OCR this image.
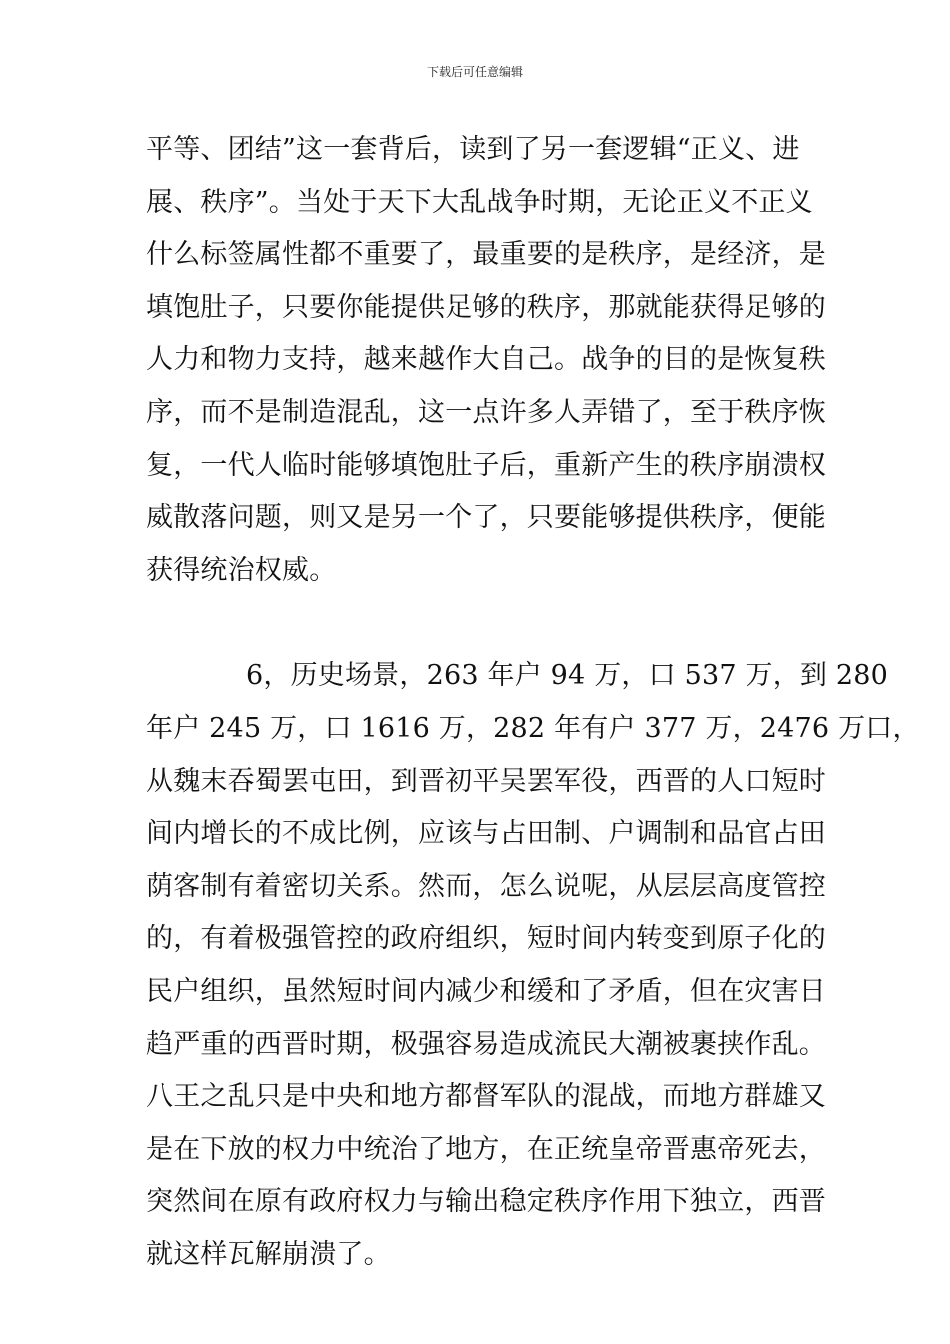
下载后可任意编辑
平等、团结”这一套背后，读到了另一套逻辑“正义、进
展、秩序”。当处于天下大乱战争时期，无论正义不正义
什么标签属性都不重要了，最重要的是秩序，是经济，是
填饱肚子，只要你能提供足够的秩序，那就能获得足够的
人力和物力支持，越来越作大自己。战争的目的是恢复秩
序，而不是制造混乱，这一点许多人弄错了，至于秩序恢
复，一代人临时能够填饱肚子后，重新产生的秩序崩溃权
威散落问题，则又是另一个了，只要能够提供秩序，便能
获得统治权威。
6，历史场景，263 年户 94 万，口 537 万，到 280
年户 245 万，口 1616 万，282 年有户 377 万，2476 万口，
从魏末吞蜀罢屯田，到晋初平吴罢军役，西晋的人口短时
间内增长的不成比例，应该与占田制、户调制和品官占田
荫客制有着密切关系。然而，怎么说呢，从层层高度管控
的，有着极强管控的政府组织，短时间内转变到原子化的
民户组织，虽然短时间内减少和缓和了矛盾，但在灾害日
趋严重的西晋时期，极强容易造成流民大潮被裹挟作乱。
八王之乱只是中央和地方都督军队的混战，而地方群雄又
是在下放的权力中统治了地方，在正统皇帝晋惠帝死去，
突然间在原有政府权力与输出稳定秩序作用下独立，西晋
就这样瓦解崩溃了。
